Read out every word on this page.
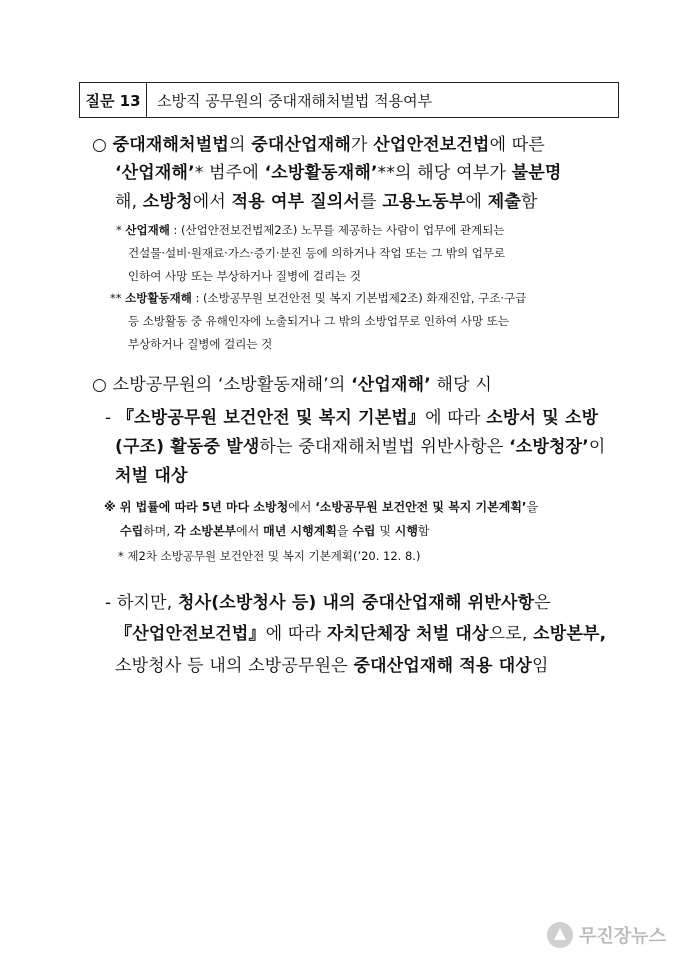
질문 13	소방직 공무원의 중대재해처벌법 적용여부
○ 중대재해처벌법의 중대산업재해가 산업안전보건법에 따른
‘산업재해’* 범주에 ‘소방활동재해’**의 해당 여부가 불분명
해, 소방청에서 적용 여부 질의서를 고용노동부에 제출함
* 산업재해 : (산업안전보건법제2조) 노무를 제공하는 사람이 업무에 관계되는
건설물·설비·원재료·가스·증기·분진 등에 의하거나 작업 또는 그 밖의 업무로
인하여 사망 또는 부상하거나 질병에 걸리는 것
** 소방활동재해 : (소방공무원 보건안전 및 복지 기본법제2조) 화재진압, 구조·구급
등 소방활동 중 유해인자에 노출되거나 그 밖의 소방업무로 인하여 사망 또는
부상하거나 질병에 걸리는 것
○ 소방공무원의 ‘소방활동재해’의 ‘산업재해’ 해당 시
- 『소방공무원 보건안전 및 복지 기본법』에 따라 소방서 및 소방
(구조) 활동중 발생하는 중대재해처벌법 위반사항은 ‘소방청장’이
처벌 대상
※ 위 법률에 따라 5년 마다 소방청에서 ‘소방공무원 보건안전 및 복지 기본계획’을
수립하며, 각 소방본부에서 매년 시행계획을 수립 및 시행함
* 제2차 소방공무원 보건안전 및 복지 기본계획(’20. 12. 8.)
- 하지만, 청사(소방청사 등) 내의 중대산업재해 위반사항은
『산업안전보건법』에 따라 자치단체장 처벌 대상으로, 소방본부,
소방청사 등 내의 소방공무원은 중대산업재해 적용 대상임
무진장뉴스
